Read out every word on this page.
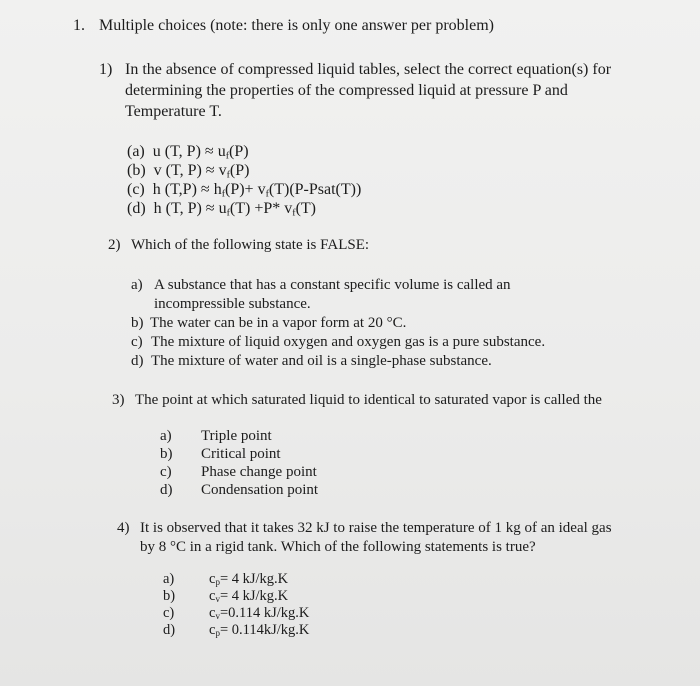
1. Multiple choices (note: there is only one answer per problem)
1) In the absence of compressed liquid tables, select the correct equation(s) for
determining the properties of the compressed liquid at pressure P and
Temperature T.
(a) u (T, $P) \approx u_f(P)$
(b) v (T, $P) \approx v_f(P)$
(c) h $(T,P) \approx h_f(P)+$ $v_f(T)(P-Psat(T))$
(d) h (T, $P) \approx u_f(T) +P*$ $v_f(T)$
2) Which of the following state is FALSE:
a) A substance that has a constant specific volume is called an
incompressible substance.
b) The water can be in a vapor form at 20 °C.
c) The mixture of liquid oxygen and oxygen gas is a pure substance.
d) The mixture of water and oil is a single-phase substance.
3) The point at which saturated liquid to identical to saturated vapor is called the
a) Triple point
b) Critical point
c) Phase change point
d) Condensation point
4) It is observed that it takes 32 kJ to raise the temperature of 1 kg of an ideal gas
by 8 °C in a rigid tank. Which of the following statements is true?
a) $c_p= 4$ kJ/kg.K
b) $c_v= 4$ kJ/kg.K
c) $c_v=0.114$ kJ/kg.K
d) $c_p= 0.114kJ/kg.K$
